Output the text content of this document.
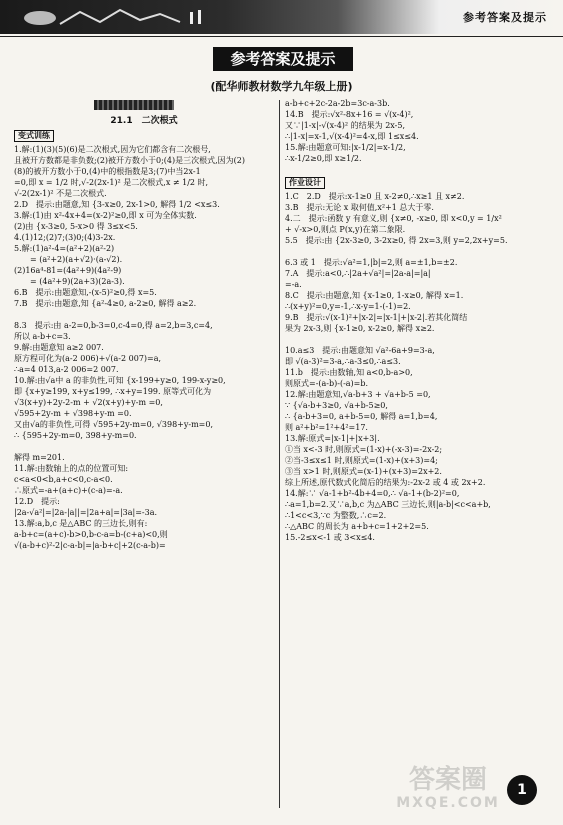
参考答案及提示
参考答案及提示
(配华师教材数学九年级上册)
21.1　二次根式
变式训练
1.解:(1)(3)(5)(6)是二次根式,因为它们都含有二次根号,
且被开方数都是非负数;(2)被开方数小于0;(4)是三次根式,因为(2)
(8)的被开方数小于0,(4)中的根指数是3;(7)中当2x-1
=0,即 x = 1/2 时,√-2(2x-1)² 是二次根式,x ≠ 1/2 时,
√-2(2x-1)² 不是二次根式.
2.D　提示:由题意,知 {3-x≥0, 2x-1>0, 解得 1/2 <x≤3.
3.解:(1)由 x²-4x+4=(x-2)²≥0,即 x 可为全体实数.
(2)由 {x-3≥0, 5-x>0 得 3≤x<5.
4.(1)12;(2)7;(3)0;(4)3-2x.
5.解:(1)a²-4=(a²+2)(a²-2)
　　= (a²+2)(a+√2)·(a-√2).
(2)16a⁴-81=(4a²+9)(4a²-9)
　　= (4a²+9)(2a+3)(2a-3).
6.B　提示:由题意知,-(x-5)²≥0,得 x=5.
7.B　提示:由题意,知 {a²-4≥0, a-2≥0, 解得 a≥2.
8.3　提示:由 a-2=0,b-3=0,c-4=0,得 a=2,b=3,c=4,
所以 a-b+c=3.
9.解:由题意知 a≥2 007.
原方程可化为(a-2 006)+√(a-2 007)=a,
∴a=4 013,a-2 006=2 007.
10.解:由√a中 a 的非负性,可知 {x-199+y≥0, 199-x-y≥0,
即 {x+y≥199, x+y≤199, ∴x+y=199. 原等式可化为
√3(x+y)+2y-2-m + √2(x+y)+y-m =0,
√595+2y-m + √398+y-m =0.
又由√a的非负性,可得 √595+2y-m=0, √398+y-m=0,
∴ {595+2y-m=0, 398+y-m=0.
解得 m=201.
11.解:由数轴上的点的位置可知:
c<a<0<b,a+c<0,c-a<0.
∴原式=-a+(a+c)+(c-a)=-a.
12.D　提示:
|2a-√a²|=|2a-|a||=|2a+a|=|3a|=-3a.
13.解:a,b,c 是△ABC 的三边长,则有:
a-b+c=(a+c)-b>0,b-c-a=b-(c+a)<0,则
√(a-b+c)²-2|c-a-b|=|a-b+c|+2(c-a-b)=
a-b+c+2c-2a-2b=3c-a-3b.
14.B　提示:√x²-8x+16 = √(x-4)²,
又∵|1-x|-√(x-4)² 的结果为 2x-5,
∴|1-x|=x-1,√(x-4)²=4-x,即 1≤x≤4.
15.解:由题意可知:|x-1/2|=x-1/2,
∴x-1/2≥0,即 x≥1/2.
作业设计
1.C　2.D　提示:x-1≥0 且 x-2≠0,∴x≥1 且 x≠2.
3.B　提示:无论 x 取何值,x²+1 总大于零.
4.二　提示:函数 y 有意义,则 {x≠0, -x≥0, 即 x<0,y = 1/x²
+ √-x>0,则点 P(x,y)在第二象限.
5.5　提示:由 {2x-3≥0, 3-2x≥0, 得 2x=3,则 y=2,2x+y=5.
6.3 或 1　提示:√a²=1,|b|=2,则 a=±1,b=±2.
7.A　提示:a<0,∴|2a+√a²|=|2a-a|=|a|
=-a.
8.C　提示:由题意,知 {x-1≥0, 1-x≥0, 解得 x=1.
∴(x+y)²=0,y=-1,∴x-y=1-(-1)=2.
9.B　提示:√(x-1)²+|x-2|=|x-1|+|x-2|.若其化简结
果为 2x-3,则 {x-1≥0, x-2≥0, 解得 x≥2.
10.a≤3　提示:由题意知 √a²-6a+9=3-a,
即 √(a-3)²=3-a,∴a-3≤0,∴a≤3.
11.b　提示:由数轴,知 a<0,b-a>0,
则原式=-(a-b)-(-a)=b.
12.解:由题意知,√a-b+3 + √a+b-5 =0,
∵ {√a-b+3≥0, √a+b-5≥0,
∴ {a-b+3=0, a+b-5=0, 解得 a=1,b=4,
则 a²+b²=1²+4²=17.
13.解:原式=|x-1|+|x+3|.
①当 x<-3 时,则原式=(1-x)+(-x-3)=-2x-2;
②当-3≤x≤1 时,则原式=(1-x)+(x+3)=4;
③当 x>1 时,则原式=(x-1)+(x+3)=2x+2.
综上所述,原代数式化简后的结果为:-2x-2 或 4 或 2x+2.
14.解:∵ √a-1+b²-4b+4=0,∴ √a-1+(b-2)²=0,
∴a=1,b=2.又∵a,b,c 为△ABC 三边长,则|a-b|<c<a+b,
∴1<c<3,∵c 为整数,∴c=2.
∴△ABC 的周长为 a+b+c=1+2+2=5.
15.-2≤x<-1 或 3<x≤4.
答案圈
MXQE.COM
1
